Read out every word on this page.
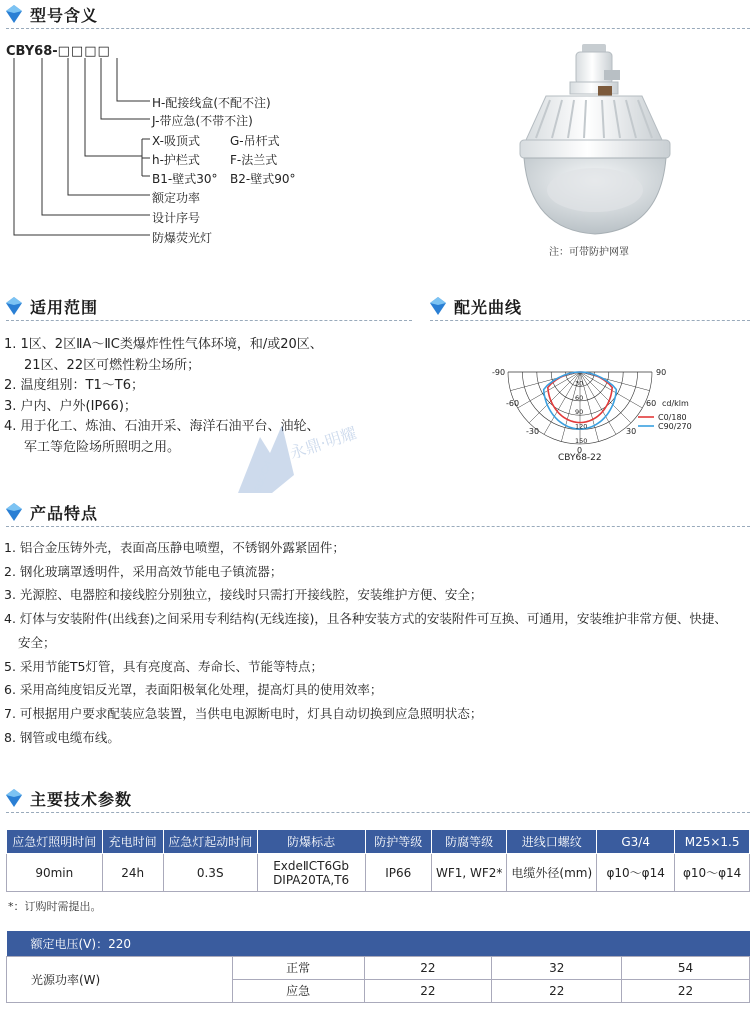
型号含义
CBY68-□□□□
H-配接线盒(不配不注)
J-带应急(不带不注)
X-吸顶式	G-吊杆式
h-护栏式	F-法兰式
B1-壁式30° B2-壁式90°
额定功率
设计序号
防爆荧光灯
注：可带防护网罩
适用范围	配光曲线
1. 1区、2区ⅡA～ⅡC类爆炸性性气体环境，和/或20区、
21区、22区可燃性粉尘场所；
2. 温度组别：T1～T6；
3. 户内、户外(IP66)；
4. 用于化工、炼油、石油开采、海洋石油平台、油轮、
军工等危险场所照明之用。	永鼎·明耀
SUOCH
-90	90
-60	60
-30	30
0
30
60
90
120
150
cd/klm
C0/180
C90/270
CBY68-22
产品特点
1. 铝合金压铸外壳，表面高压静电喷塑，不锈钢外露紧固件；
2. 钢化玻璃罩透明件，采用高效节能电子镇流器；
3. 光源腔、电器腔和接线腔分别独立，接线时只需打开接线腔，安装维护方便、安全；
4. 灯体与安装附件(出线套)之间采用专利结构(无线连接)，且各种安装方式的安装附件可互换、可通用，安装维护非常方便、快捷、
安全；
5. 采用节能T5灯管，具有亮度高、寿命长、节能等特点；
6. 采用高纯度铝反光罩，表面阳极氧化处理，提高灯具的使用效率；
7. 可根据用户要求配装应急装置，当供电电源断电时，灯具自动切换到应急照明状态；
8. 钢管或电缆布线。
主要技术参数
应急灯照明时间	充电时间	应急灯起动时间	防爆标志	防护等级	防腐等级	进线口螺纹	G3/4	M25×1.5
90min	24h	0.3S	ExdeⅡCT6Gb
DIPA20TA,T6	IP66	WF1, WF2*	电缆外径(mm)	φ10～φ14	φ10～φ14
*：订购时需提出。
额定电压(V)：220				
光源功率(W)	正常	22	32	54
	应急	22	22	22
